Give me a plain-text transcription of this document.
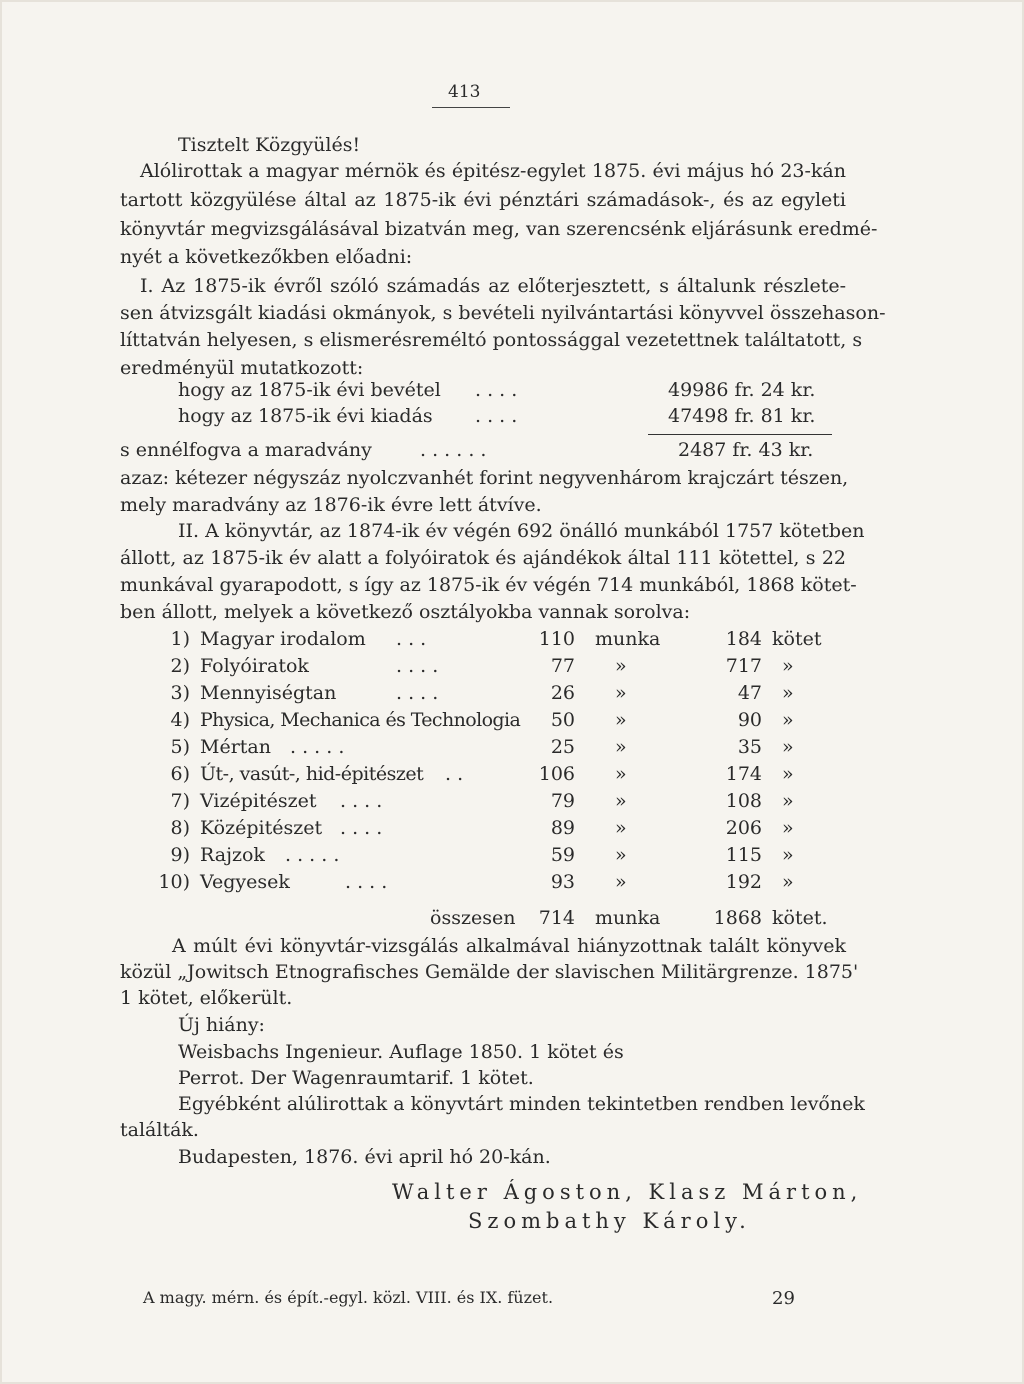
413
Tisztelt Közgyülés!
Alólirottak a magyar mérnök és épitész-egylet 1875. évi május hó 23-kán
tartott közgyülése által az 1875-ik évi pénztári számadások-, és az egyleti
könyvtár megvizsgálásával bizatván meg, van szerencsénk eljárásunk eredmé-
nyét a következőkben előadni:
I. Az 1875-ik évről szóló számadás az előterjesztett, s általunk részlete-
sen átvizsgált kiadási okmányok, s bevételi nyilvántartási könyvvel összehason-
líttatván helyesen, s elismerésreméltó pontossággal vezetettnek találtatott, s
eredményül mutatkozott:
hogy az 1875-ik évi bevétel . . . .	49986 fr. 24 kr.
hogy az 1875-ik évi kiadás . . . .	47498 fr. 81 kr.
s ennélfogva a maradvány	. . . . . .	2487 fr. 43 kr.
azaz: kétezer négyszáz nyolczvanhét forint negyvenhárom krajczárt tészen,
mely maradvány az 1876-ik évre lett átvíve.
II. A könyvtár, az 1874-ik év végén 692 önálló munkából 1757 kötetben
állott, az 1875-ik év alatt a folyóiratok és ajándékok által 111 kötettel, s 22
munkával gyarapodott, s így az 1875-ik év végén 714 munkából, 1868 kötet-
ben állott, melyek a következő osztályokba vannak sorolva:
1) Magyar irodalom . . .	110 munka	184 kötet
2) Folyóiratok	. . . .	77 »	717 »
3) Mennyiségtan	. . . .	26 »	47 »
4) Physica, Mechanica és Technologia	50 »	90 »
5) Mértan . . . . .	25 »	35 »
6) Út-, vasút-, hid-épitészet . .	106 »	174 »
7) Vizépitészet . . . .	79 »	108 »
8) Középitészet . . . .	89 »	206 »
9) Rajzok . . . . .	59 »	115 »
10) Vegyesek	. . . .	93 »	192 »
összesen	714 munka	1868 kötet.
A múlt évi könyvtár-vizsgálás alkalmával hiányzottnak talált könyvek
közül „Jowitsch Etnografisches Gemälde der slavischen Militärgrenze. 1875'
1 kötet, előkerült.
Új hiány:
Weisbachs Ingenieur. Auflage 1850. 1 kötet és
Perrot. Der Wagenraumtarif. 1 kötet.
Egyébként alúlirottak a könyvtárt minden tekintetben rendben levőnek
találták.
Budapesten, 1876. évi april hó 20-kán.
Walter Ágoston, Klasz Márton,
Szombathy Károly.
A magy. mérn. és épít.-egyl. közl. VIII. és IX. füzet.	29
